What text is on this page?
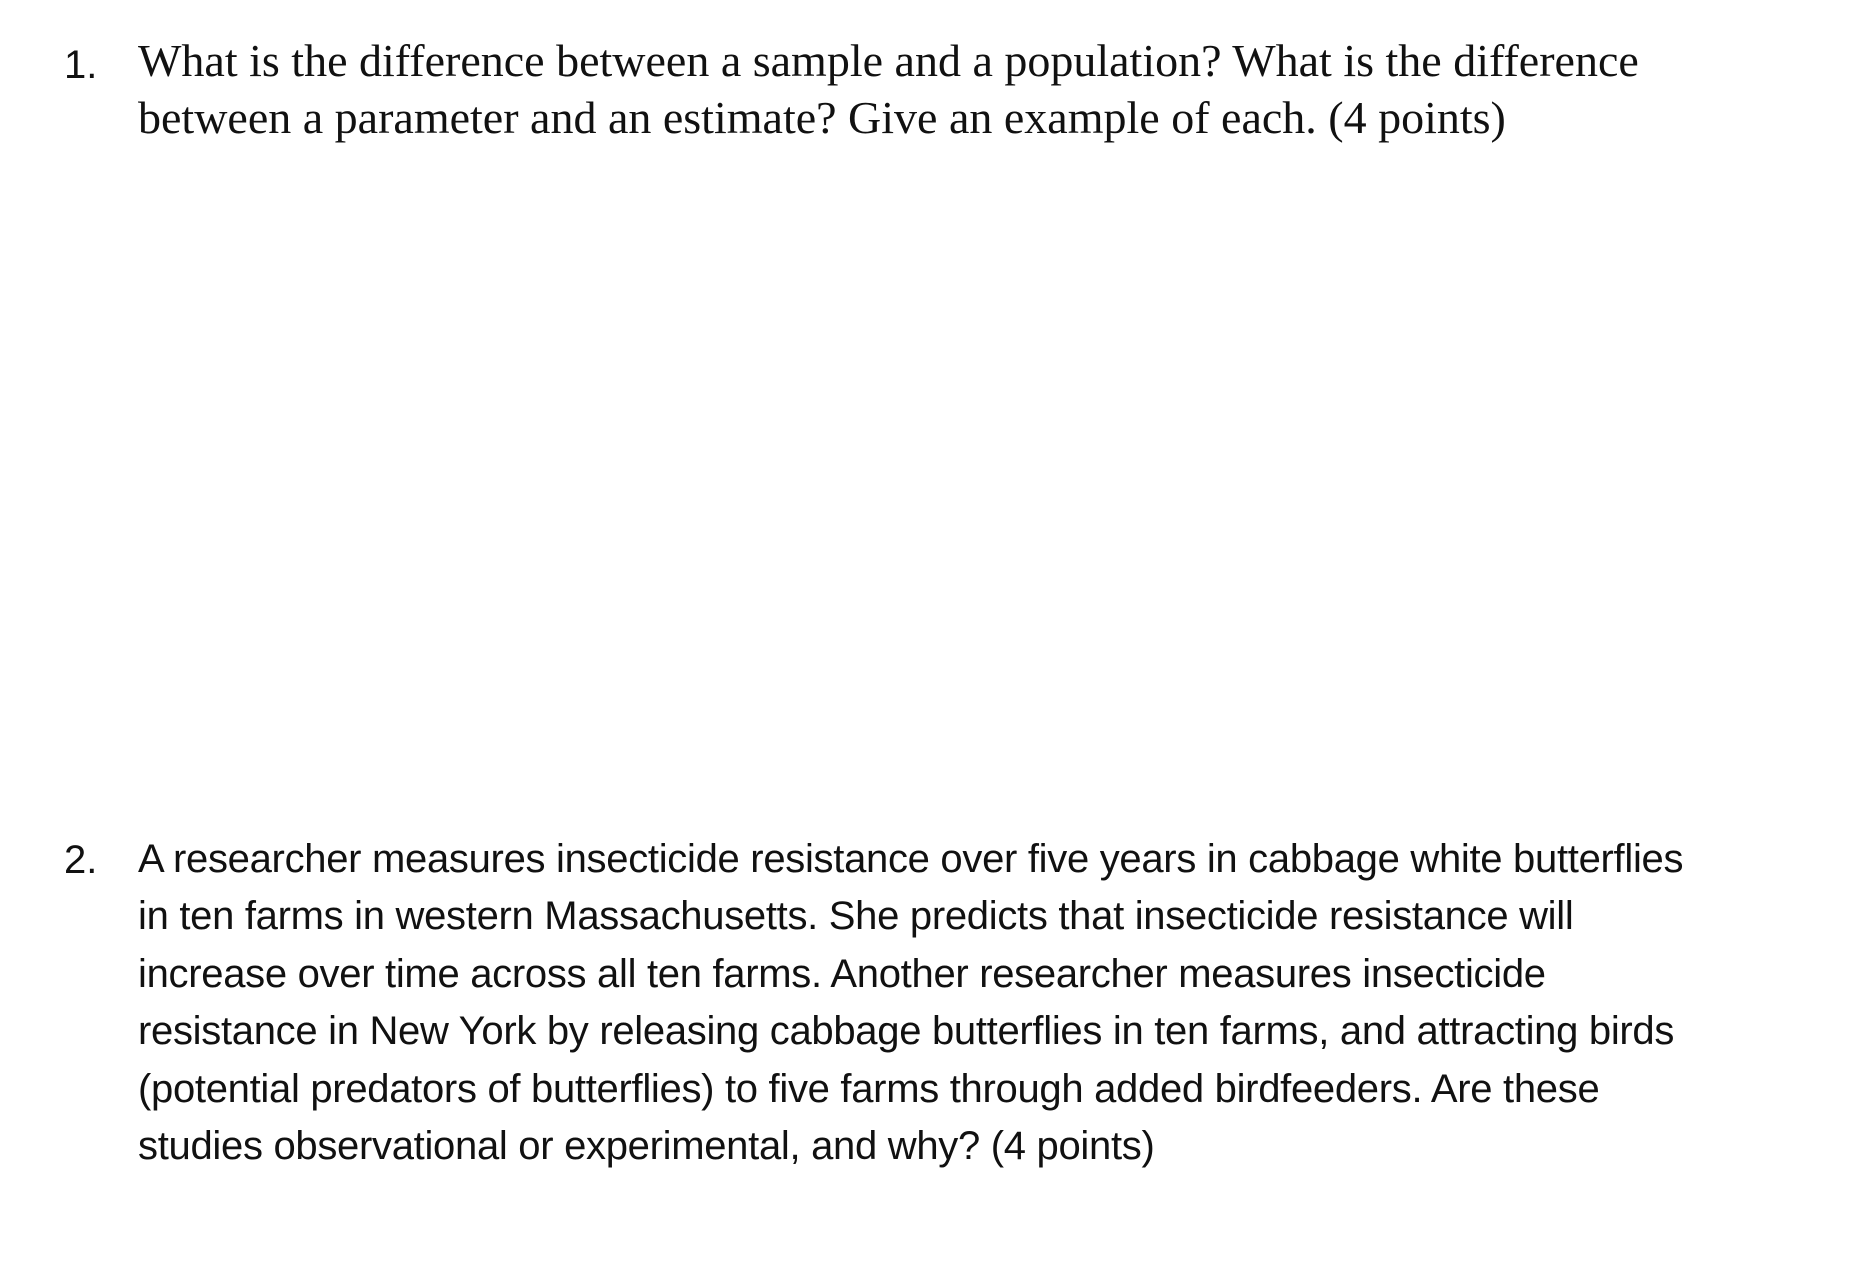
1. What is the difference between a sample and a population? What is the difference
between a parameter and an estimate? Give an example of each. (4 points)

2. A researcher measures insecticide resistance over five years in cabbage white butterflies
in ten farms in western Massachusetts. She predicts that insecticide resistance will
increase over time across all ten farms. Another researcher measures insecticide
resistance in New York by releasing cabbage butterflies in ten farms, and attracting birds
(potential predators of butterflies) to five farms through added birdfeeders. Are these
studies observational or experimental, and why? (4 points)
